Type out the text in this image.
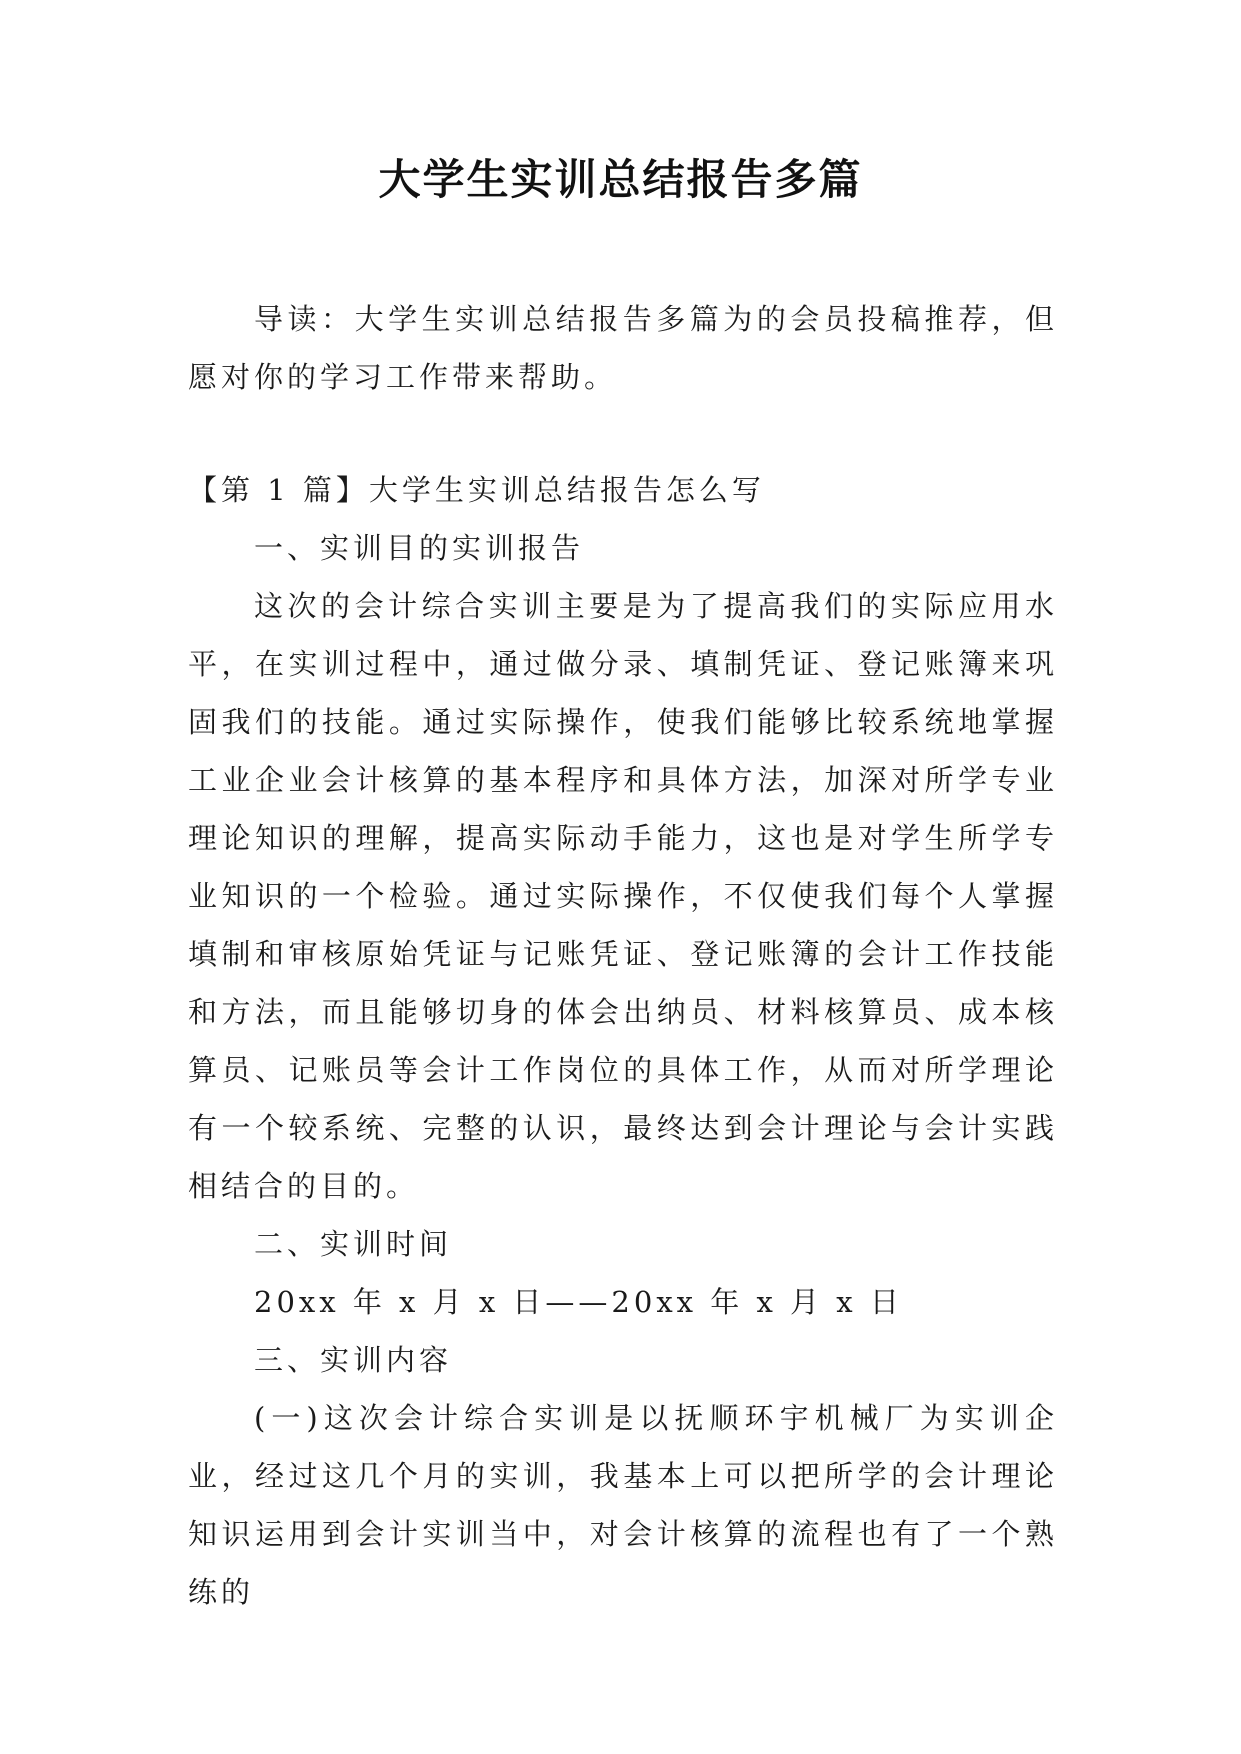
大学生实训总结报告多篇

导读：大学生实训总结报告多篇为的会员投稿推荐，但愿对你的学习工作带来帮助。

【第 1 篇】大学生实训总结报告怎么写

一、实训目的实训报告

这次的会计综合实训主要是为了提高我们的实际应用水平，在实训过程中，通过做分录、填制凭证、登记账簿来巩固我们的技能。通过实际操作，使我们能够比较系统地掌握工业企业会计核算的基本程序和具体方法，加深对所学专业理论知识的理解，提高实际动手能力，这也是对学生所学专业知识的一个检验。通过实际操作，不仅使我们每个人掌握填制和审核原始凭证与记账凭证、登记账簿的会计工作技能和方法，而且能够切身的体会出纳员、材料核算员、成本核算员、记账员等会计工作岗位的具体工作，从而对所学理论有一个较系统、完整的认识，最终达到会计理论与会计实践相结合的目的。

二、实训时间

20xx 年 x 月 x 日——20xx 年 x 月 x 日

三、实训内容

(一)这次会计综合实训是以抚顺环宇机械厂为实训企业，经过这几个月的实训，我基本上可以把所学的会计理论知识运用到会计实训当中，对会计核算的流程也有了一个熟练的
